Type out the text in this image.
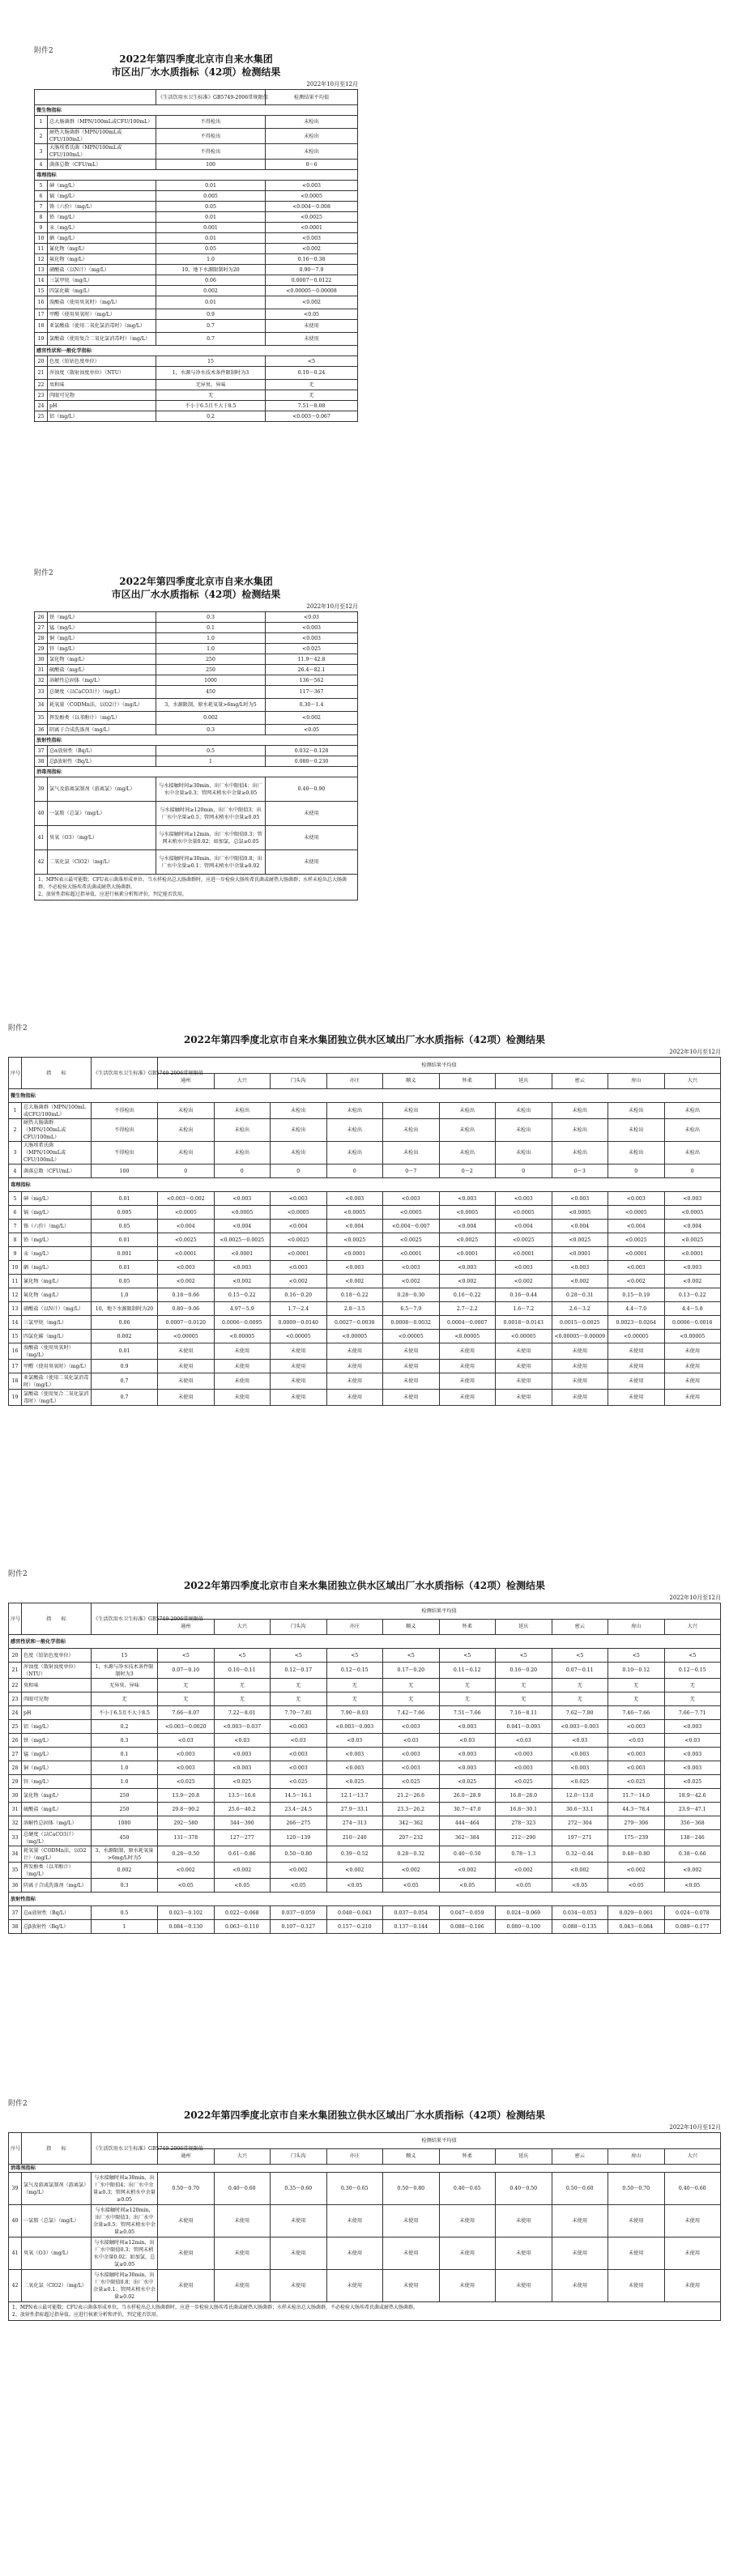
附件2
2022年第四季度北京市自来水集团
市区出厂水水质指标（42项）检测结果
2022年10月至12月
		《生活饮用水卫生标准》GB5749-2006常规限值	检测结果平均值
微生物指标			
1	总大肠菌群（MPN/100mL或CFU/100mL）	不得检出	未检出
2	耐热大肠菌群（MPN/100mL或CFU/100mL）	不得检出	未检出
3	大肠埃希氏菌（MPN/100mL或CFU/100mL）	不得检出	未检出
4	菌落总数（CFU/mL）	100	0～6
毒理指标			
5	砷（mg/L）	0.01	<0.003
6	镉（mg/L）	0.005	<0.0005
7	铬（六价）（mg/L）	0.05	<0.004～0.008
8	铅（mg/L）	0.01	<0.0025
9	汞（mg/L）	0.001	<0.0001
10	硒（mg/L）	0.01	<0.003
11	氰化物（mg/L）	0.05	<0.002
12	氟化物（mg/L）	1.0	0.16～0.38
13	硝酸盐（以N计）（mg/L）	10，地下水源限制时为20	0.90～7.9
14	三氯甲烷（mg/L）	0.06	0.0007～0.0122
15	四氯化碳（mg/L）	0.002	<0.00005～0.00008
16	溴酸盐（使用臭氧时）（mg/L）	0.01	<0.002
17	甲醛（使用臭氧时）（mg/L）	0.9	<0.05
18	亚氯酸盐（使用二氧化氯消毒时）（mg/L）	0.7	未使用
19	氯酸盐（使用复合二氧化氯消毒时）（mg/L）	0.7	未使用
感官性状和一般化学指标			
20	色度（铂钴色度单位）	15	<5
21	浑浊度（散射浊度单位）（NTU）	1，水源与净水技术条件限制时为3	0.10～0.24
22	臭和味	无异臭、异味	无
23	肉眼可见物	无	无
24	pH	不小于6.5且不大于8.5	7.51～8.08
25	铝（mg/L）	0.2	<0.003～0.067
附件2
2022年第四季度北京市自来水集团
市区出厂水水质指标（42项）检测结果
2022年10月至12月
26	铁（mg/L）	0.3	<0.03
27	锰（mg/L）	0.1	<0.003
28	铜（mg/L）	1.0	<0.003
29	锌（mg/L）	1.0	<0.025
30	氯化物（mg/L）	250	11.9～42.8
31	硫酸盐（mg/L）	250	26.4～82.1
32	溶解性总固体（mg/L）	1000	136～562
33	总硬度（以CaCO3计）（mg/L）	450	117～367
34	耗氧量（CODMn法，以O2计）（mg/L）	3，水源限制，原水耗氧量>6mg/L时为5	0.30～1.4
35	挥发酚类（以苯酚计）（mg/L）	0.002	<0.002
36	阴离子合成洗涤剂（mg/L）	0.3	<0.05
放射性指标			
37	总α放射性（Bq/L）	0.5	0.032～0.128
38	总β放射性（Bq/L）	1	0.080～0.230
消毒剂指标			
39	氯气及游离氯制剂（游离氯）（mg/L）	与水接触时间≥30min，出厂水中限值4；出厂水中余量≥0.3；管网末梢水中余量≥0.05	0.40～0.90
40	一氯胺（总氯）（mg/L）	与水接触时间≥120min，出厂水中限值3；出厂水中余量≥0.5；管网末梢水中余量≥0.05	未使用
41	臭氧（O3）（mg/L）	与水接触时间≥12min，出厂水中限值0.3；管网末梢水中余量0.02；如加氯，总氯≥0.05	未使用
42	二氧化氯（ClO2）（mg/L）	与水接触时间≥30min，出厂水中限值0.8；出厂水中余量≥0.1；管网末梢水中余量≥0.02	未使用

1、MPN表示最可能数；CFU表示菌落形成单位。当水样检出总大肠菌群时，应进一步检验大肠埃希氏菌或耐热大肠菌群；水样未检出总大肠菌群，不必检验大肠埃希氏菌或耐热大肠菌群。
2、放射性指标超过指导值，应进行核素分析和评价，判定能否饮用。			
附件2
2022年第四季度北京市自来水集团独立供水区域出厂水水质指标（42项）检测结果
2022年10月至12月
序号	指　　标	《生活饮用水卫生标准》GB5749-2006常规限值	检测结果平均值									
			通州	大兴	门头沟	亦庄	顺义	怀柔	延庆	密云	房山	大兴
微生物指标												
1	总大肠菌群（MPN/100mL或CFU/100mL）	不得检出	未检出	未检出	未检出	未检出	未检出	未检出	未检出	未检出	未检出	未检出
2	耐热大肠菌群（MPN/100mL或CFU/100mL）	不得检出	未检出	未检出	未检出	未检出	未检出	未检出	未检出	未检出	未检出	未检出
3	大肠埃希氏菌（MPN/100mL或CFU/100mL）	不得检出	未检出	未检出	未检出	未检出	未检出	未检出	未检出	未检出	未检出	未检出
4	菌落总数（CFU/mL）	100	0	0	0	0	0～7	0～2	0	0～3	0	0
毒理指标												
5	砷（mg/L）	0.01	<0.003～0.002	<0.003	<0.003	<0.003	<0.003	<0.003	<0.003	<0.003	<0.003	<0.003
6	镉（mg/L）	0.005	<0.0005	<0.0005	<0.0005	<0.0005	<0.0005	<0.0005	<0.0005	<0.0005	<0.0005	<0.0005
7	铬（六价）（mg/L）	0.05	<0.004	<0.004	<0.004	<0.004	<0.004～0.007	<0.004	<0.004	<0.004	<0.004	<0.004
8	铅（mg/L）	0.01	<0.0025	<0.0025～0.0025	<0.0025	<0.0025	<0.0025	<0.0025	<0.0025	<0.0025	<0.0025	<0.0025
9	汞（mg/L）	0.001	<0.0001	<0.0001	<0.0001	<0.0001	<0.0001	<0.0001	<0.0001	<0.0001	<0.0001	<0.0001
10	硒（mg/L）	0.01	<0.003	<0.003	<0.003	<0.003	<0.003	<0.003	<0.003	<0.003	<0.003	<0.003
11	氰化物（mg/L）	0.05	<0.002	<0.002	<0.002	<0.002	<0.002	<0.002	<0.002	<0.002	<0.002	<0.002
12	氟化物（mg/L）	1.0	0.18～0.66	0.15～0.22	0.16～0.20	0.18～0.22	0.28～0.30	0.16～0.22	0.16～0.44	0.28～0.31	0.15～0.19	0.13～0.22
13	硝酸盐（以N计）（mg/L）	10，地下水源限制时为20	0.80～9.06	4.97～5.9	1.7～2.4	2.8～3.5	6.5～7.9	2.7～2.2	1.6～7.2	2.6～3.2	4.4～7.0	4.4～5.8
14	三氯甲烷（mg/L）	0.06	0.0007～0.0120	0.0006～0.0095	0.0009～0.0140	0.0027～0.0038	0.0008～0.0032	0.0004～0.0007	0.0018～0.0143	0.0015～0.0025	0.0023～0.0264	0.0006～0.0016
15	四氯化碳（mg/L）	0.002	<0.00005	<0.00005	<0.00005	<0.00005	<0.00005	<0.00005	<0.00005	<0.00005～0.00009	<0.00005	<0.00005
16	溴酸盐（使用臭氧时）（mg/L）	0.01	未使用	未使用	未使用	未使用	未使用	未使用	未使用	未使用	未使用	未使用
17	甲醛（使用臭氧时）（mg/L）	0.9	未使用	未使用	未使用	未使用	未使用	未使用	未使用	未使用	未使用	未使用
18	亚氯酸盐（使用二氧化氯消毒时）（mg/L）	0.7	未使用	未使用	未使用	未使用	未使用	未使用	未使用	未使用	未使用	未使用
19	氯酸盐（使用复合二氧化氯消毒时）（mg/L）	0.7	未使用	未使用	未使用	未使用	未使用	未使用	未使用	未使用	未使用	未使用
附件2
2022年第四季度北京市自来水集团独立供水区域出厂水水质指标（42项）检测结果
2022年10月至12月
序号	指　　标	《生活饮用水卫生标准》GB5749-2006常规限值	检测结果平均值									
			通州	大兴	门头沟	亦庄	顺义	怀柔	延庆	密云	房山	大兴
感官性状和一般化学指标												
20	色度（铂钴色度单位）	15	<5	<5	<5	<5	<5	<5	<5	<5	<5	<5
21	浑浊度（散射浊度单位）（NTU）	1，水源与净水技术条件限制时为3	0.07～0.10	0.10～0.11	0.12～0.17	0.12～0.15	0.17～0.20	0.11～0.12	0.16～0.20	0.07～0.11	0.10～0.12	0.12～0.15
22	臭和味	无异臭、异味	无	无	无	无	无	无	无	无	无	无
23	肉眼可见物	无	无	无	无	无	无	无	无	无	无	无
24	pH	不小于6.5且不大于8.5	7.66～8.07	7.22～8.01	7.70～7.81	7.90～8.03	7.42～7.66	7.51～7.66	7.16～8.11	7.62～7.80	7.46～7.66	7.66～7.71
25	铝（mg/L）	0.2	<0.003～0.0020	<0.003～0.037	<0.003	<0.003～0.003	<0.003	<0.003	0.041～0.093	<0.003～0.003	<0.003	<0.003
26	铁（mg/L）	0.3	<0.03	<0.03	<0.03	<0.03	<0.03	<0.03	<0.03	<0.03	<0.03	<0.03
27	锰（mg/L）	0.1	<0.003	<0.003	<0.003	<0.003	<0.003	<0.003	<0.003	<0.003	<0.003	<0.003
28	铜（mg/L）	1.0	<0.003	<0.003	<0.003	<0.003	<0.003	<0.003	<0.003	<0.003	<0.003	<0.003
29	锌（mg/L）	1.0	<0.025	<0.025	<0.025	<0.025	<0.025	<0.025	<0.025	<0.025	<0.025	<0.025
30	氯化物（mg/L）	250	13.9～20.8	13.5～16.6	14.5～16.1	12.1～13.7	21.2～26.6	26.0～28.9	16.8～28.0	12.0～13.0	11.7～14.0	18.9～42.6
31	硫酸盐（mg/L）	250	29.8～90.2	25.6～40.2	23.4～24.5	27.9～33.1	23.3～26.2	30.7～47.0	16.8～30.1	30.6～33.1	44.3～78.4	23.9～47.1
32	溶解性总固体（mg/L）	1000	292～580	344～390	266～275	274～313	342～362	444～464	278～323	272～304	279～306	356～368
33	总硬度（以CaCO3计）（mg/L）	450	131～378	127～277	120～139	210～240	207～232	362～384	212～290	197～271	175～239	138～246
34	耗氧量（CODMn法，以O2计）（mg/L）	3，水源限制，原水耗氧量>6mg/L时为5	0.28～0.50	0.61～0.86	0.50～0.80	0.39～0.52	0.28～0.32	0.40～0.50	0.78～1.3	0.32～0.44	0.48～0.80	0.38～0.66
35	挥发酚类（以苯酚计）（mg/L）	0.002	<0.002	<0.002	<0.002	<0.002	<0.002	<0.002	<0.002	<0.002	<0.002	<0.002
36	阴离子合成洗涤剂（mg/L）	0.3	<0.05	<0.05	<0.05	<0.05	<0.05	<0.05	<0.05	<0.05	<0.05	<0.05
放射性指标												
37	总α放射性（Bq/L）	0.5	0.023～0.102	0.022～0.068	0.037～0.059	0.048～0.043	0.037～0.054	0.047～0.059	0.024～0.069	0.034～0.053	0.029～0.061	0.024～0.078
38	总β放射性（Bq/L）	1	0.084～0.130	0.063～0.110	0.107～0.127	0.157～0.210	0.137～0.144	0.088～0.106	0.080～0.100	0.088～0.135	0.043～0.084	0.089～0.177
附件2
2022年第四季度北京市自来水集团独立供水区域出厂水水质指标（42项）检测结果
2022年10月至12月
序号	指　　标	《生活饮用水卫生标准》GB5749-2006常规限值	检测结果平均值									
			通州	大兴	门头沟	亦庄	顺义	怀柔	延庆	密云	房山	大兴
消毒剂指标												
39	氯气及游离氯制剂（游离氯）（mg/L）	与水接触时间≥30min，出厂水中限值4；出厂水中余量≥0.3；管网末梢水中余量≥0.05	0.50～0.70	0.40～0.60	0.35～0.60	0.30～0.65	0.50～0.80	0.40～0.65	0.40～0.50	0.50～0.60	0.50～0.70	0.40～0.60
40	一氯胺（总氯）（mg/L）	与水接触时间≥120min，出厂水中限值3；出厂水中余量≥0.5；管网末梢水中余量≥0.05	未使用	未使用	未使用	未使用	未使用	未使用	未使用	未使用	未使用	未使用
41	臭氧（O3）（mg/L）	与水接触时间≥12min，出厂水中限值0.3；管网末梢水中余量0.02；如加氯，总氯≥0.05	未使用	未使用	未使用	未使用	未使用	未使用	未使用	未使用	未使用	未使用
42	二氧化氯（ClO2）（mg/L）	与水接触时间≥30min，出厂水中限值0.8；出厂水中余量≥0.1；管网末梢水中余量≥0.02	未使用	未使用	未使用	未使用	未使用	未使用	未使用	未使用	未使用	未使用

1、MPN表示最可能数；CFU表示菌落形成单位。当水样检出总大肠菌群时，应进一步检验大肠埃希氏菌或耐热大肠菌群；水样未检出总大肠菌群，不必检验大肠埃希氏菌或耐热大肠菌群。
2、放射性指标超过指导值，应进行核素分析和评价，判定能否饮用。												
